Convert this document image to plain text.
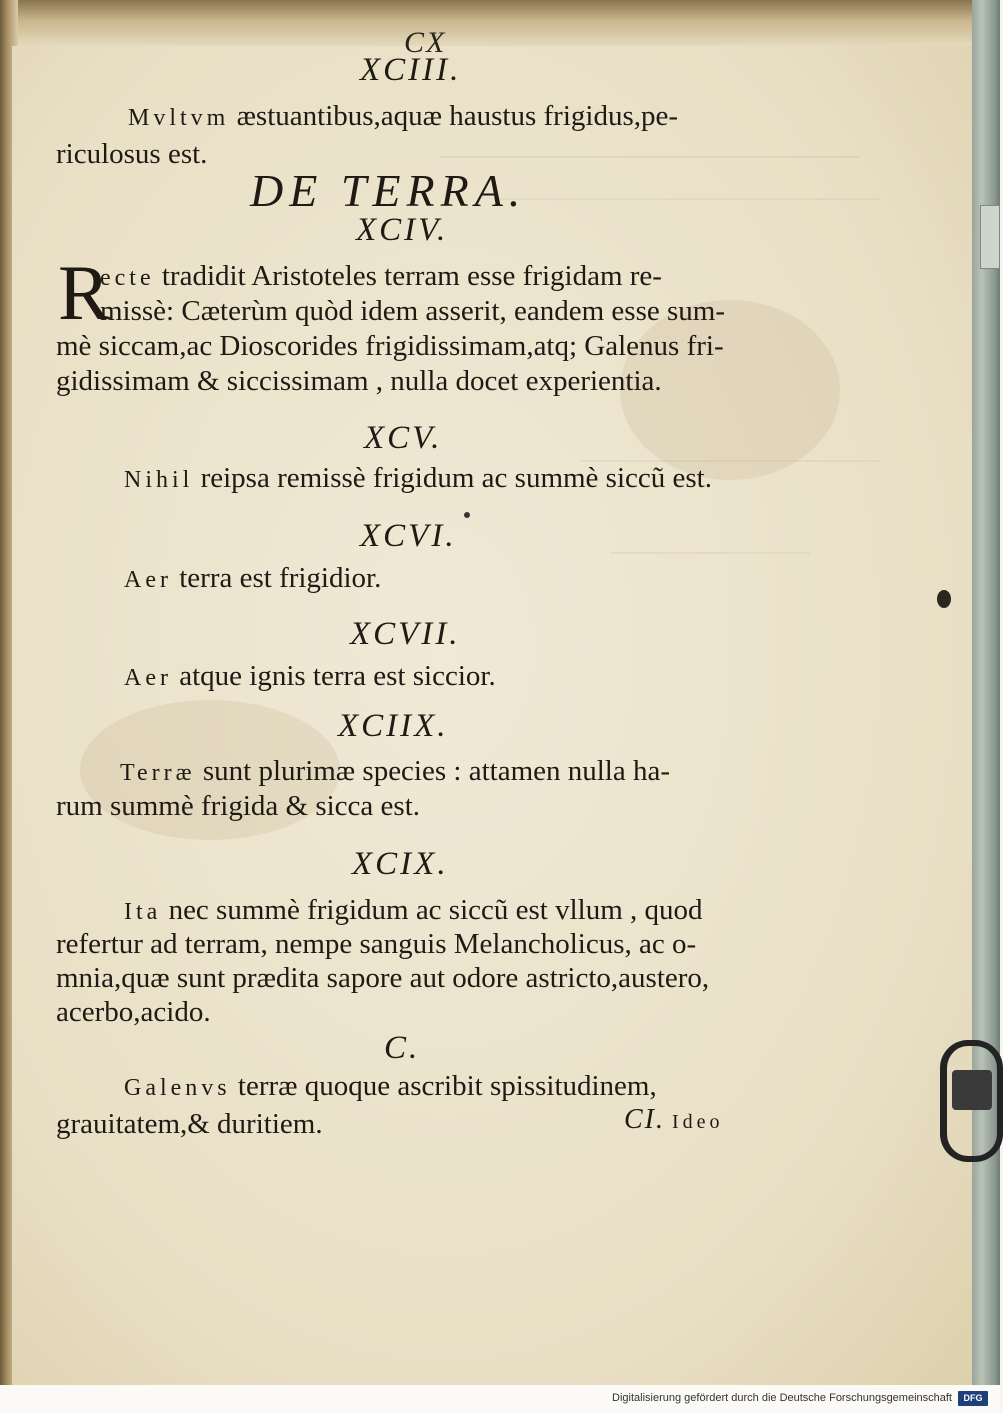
CX
XCIII.
Mvltvm æstuantibus,aquæ haustus frigidus,pe-
riculosus est.
DE TERRA.
XCIV.
R
ecte tradidit Aristoteles terram esse frigidam re-
missè: Cæterùm quòd idem asserit, eandem esse sum-
mè siccam,ac Dioscorides frigidissimam,atq; Galenus fri-
gidissimam & siccissimam , nulla docet experientia.
XCV.
Nihil reipsa remissè frigidum ac summè siccũ est.
XCVI.
Aer terra est frigidior.
XCVII.
Aer atque ignis terra est siccior.
XCIIX.
Terræ sunt plurimæ species : attamen nulla ha-
rum summè frigida & sicca est.
XCIX.
Ita nec summè frigidum ac siccũ est vllum , quod
refertur ad terram, nempe sanguis Melancholicus, ac o-
mnia,quæ sunt prædita sapore aut odore astricto,austero,
acerbo,acido.
C.
Galenvs terræ quoque ascribit spissitudinem,
grauitatem,& duritiem.	CI. Ideo
Digitalisierung gefördert durch die Deutsche Forschungsgemeinschaft	DFG
